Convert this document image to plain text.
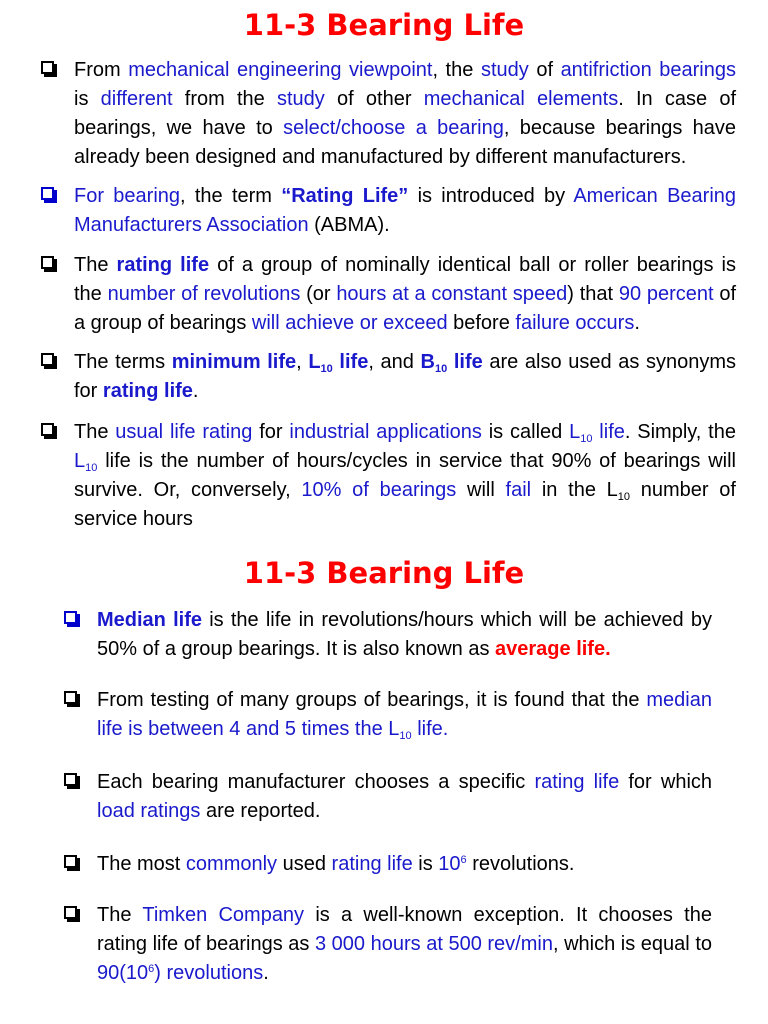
11-3 Bearing Life
From mechanical engineering viewpoint, the study of antifriction bearings is different from the study of other mechanical elements. In case of bearings, we have to select/choose a bearing, because bearings have already been designed and manufactured by different manufacturers.
For bearing, the term “Rating Life” is introduced by American Bearing Manufacturers Association (ABMA).
The rating life of a group of nominally identical ball or roller bearings is the number of revolutions (or hours at a constant speed) that 90 percent of a group of bearings will achieve or exceed before failure occurs.
The terms minimum life, $L_{10}$ life, and $B_{10}$ life are also used as synonyms for rating life.
The usual life rating for industrial applications is called $L_{10}$ life. Simply, the $L_{10}$ life is the number of hours/cycles in service that 90% of bearings will survive. Or, conversely, 10% of bearings will fail in the $L_{10}$ number of service hours
11-3 Bearing Life
Median life is the life in revolutions/hours which will be achieved by 50% of a group bearings. It is also known as average life.
From testing of many groups of bearings, it is found that the median life is between 4 and 5 times the $L_{10}$ life.
Each bearing manufacturer chooses a specific rating life for which load ratings are reported.
The most commonly used rating life is $10^6$ revolutions.
The Timken Company is a well-known exception. It chooses the rating life of bearings as 3 000 hours at 500 rev/min, which is equal to $90(10^6)$ revolutions.
